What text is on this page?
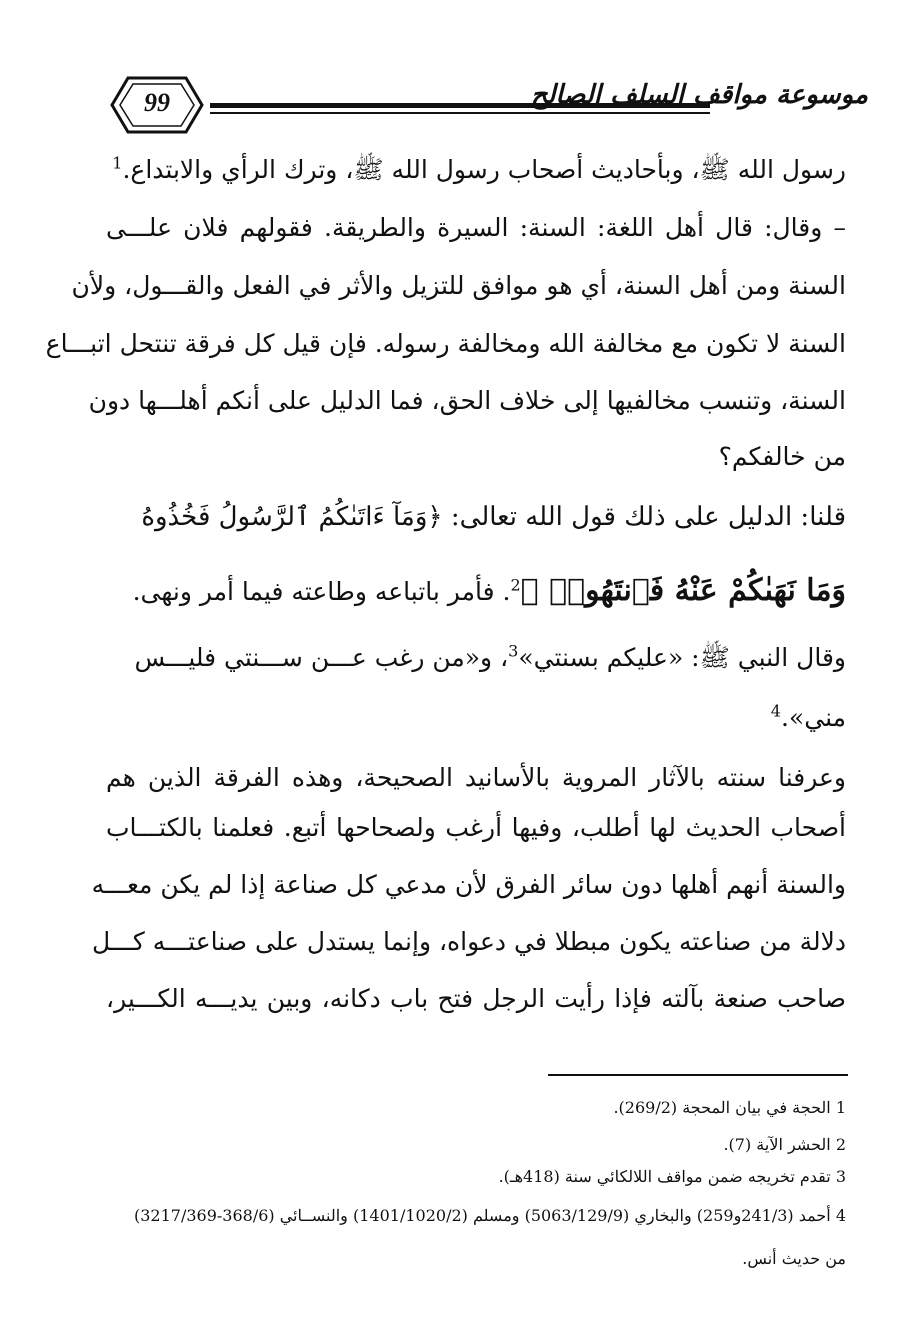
99	موسوعة مواقف السلف الصالح
رسول الله ﷺ، وبأحاديث أصحاب رسول الله ﷺ، وترك الرأي والابتداع.$^1$
– وقال: قال أهل اللغة: السنة: السيرة والطريقة. فقولهم فلان علـــى
السنة ومن أهل السنة، أي هو موافق للتزيل والأثر في الفعل والقـــول، ولأن
السنة لا تكون مع مخالفة الله ومخالفة رسوله. فإن قيل كل فرقة تنتحل اتبـــاع
السنة، وتنسب مخالفيها إلى خلاف الحق، فما الدليل على أنكم أهلـــها دون
من خالفكم؟
قلنا: الدليل على ذلك قول الله تعالى: ﴿وَمَآ ءَاتَىٰكُمُ ٱلرَّسُولُ فَخُذُوهُ
وَمَا نَهَىٰكُمْ عَنْهُ فَٱنتَهُوا۟ ﴾$^2$. فأمر باتباعه وطاعته فيما أمر ونهى.
وقال النبي ﷺ: «عليكم بسنتي»$^3$، و«من رغب عـــن ســـنتي فليـــس
مني».$^4$
وعرفنا سنته بالآثار المروية بالأسانيد الصحيحة، وهذه الفرقة الذين هم
أصحاب الحديث لها أطلب، وفيها أرغب ولصحاحها أتبع. فعلمنا بالكتـــاب
والسنة أنهم أهلها دون سائر الفرق لأن مدعي كل صناعة إذا لم يكن معـــه
دلالة من صناعته يكون مبطلا في دعواه، وإنما يستدل على صناعتـــه كـــل
صاحب صنعة بآلته فإذا رأيت الرجل فتح باب دكانه، وبين يديـــه الكـــير،
1 الحجة في بيان المحجة (269/2).
2 الحشر الآية (7).
3 تقدم تخريجه ضمن مواقف اللالكائي سنة (418هـ).
4 أحمد (241/3و259) والبخاري (5063/129/9) ومسلم (1401/1020/2) والنســائي (368/6-3217/369)
من حديث أنس.
